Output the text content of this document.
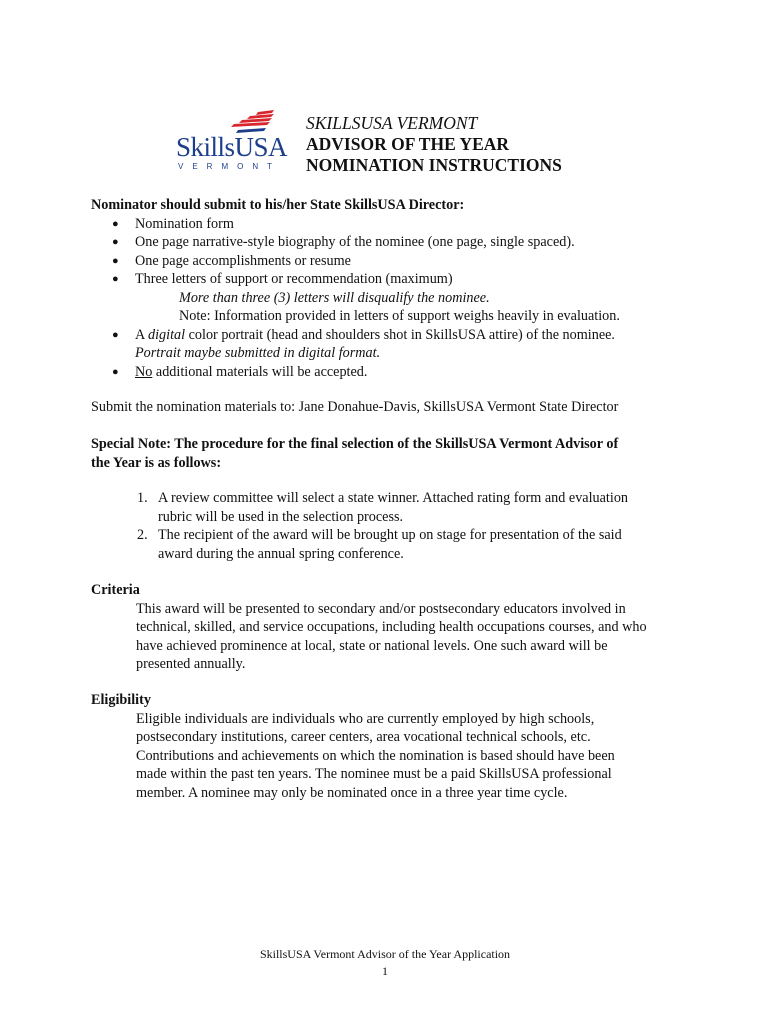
SkillsUSA
VERMONT
SKILLSUSA VERMONT
ADVISOR OF THE YEAR
NOMINATION INSTRUCTIONS
Nominator should submit to his/her State SkillsUSA Director:
● Nomination form
● One page narrative-style biography of the nominee (one page, single spaced).
● One page accomplishments or resume
● Three letters of support or recommendation (maximum)
More than three (3) letters will disqualify the nominee.
Note: Information provided in letters of support weighs heavily in evaluation.
● A digital color portrait (head and shoulders shot in SkillsUSA attire) of the nominee.
Portrait maybe submitted in digital format.
● No additional materials will be accepted.
Submit the nomination materials to: Jane Donahue-Davis, SkillsUSA Vermont State Director
Special Note: The procedure for the final selection of the SkillsUSA Vermont Advisor of
the Year is as follows:
1. A review committee will select a state winner. Attached rating form and evaluation
rubric will be used in the selection process.
2. The recipient of the award will be brought up on stage for presentation of the said
award during the annual spring conference.
Criteria
This award will be presented to secondary and/or postsecondary educators involved in
technical, skilled, and service occupations, including health occupations courses, and who
have achieved prominence at local, state or national levels. One such award will be
presented annually.
Eligibility
Eligible individuals are individuals who are currently employed by high schools,
postsecondary institutions, career centers, area vocational technical schools, etc.
Contributions and achievements on which the nomination is based should have been
made within the past ten years. The nominee must be a paid SkillsUSA professional
member. A nominee may only be nominated once in a three year time cycle.
SkillsUSA Vermont Advisor of the Year Application
1
